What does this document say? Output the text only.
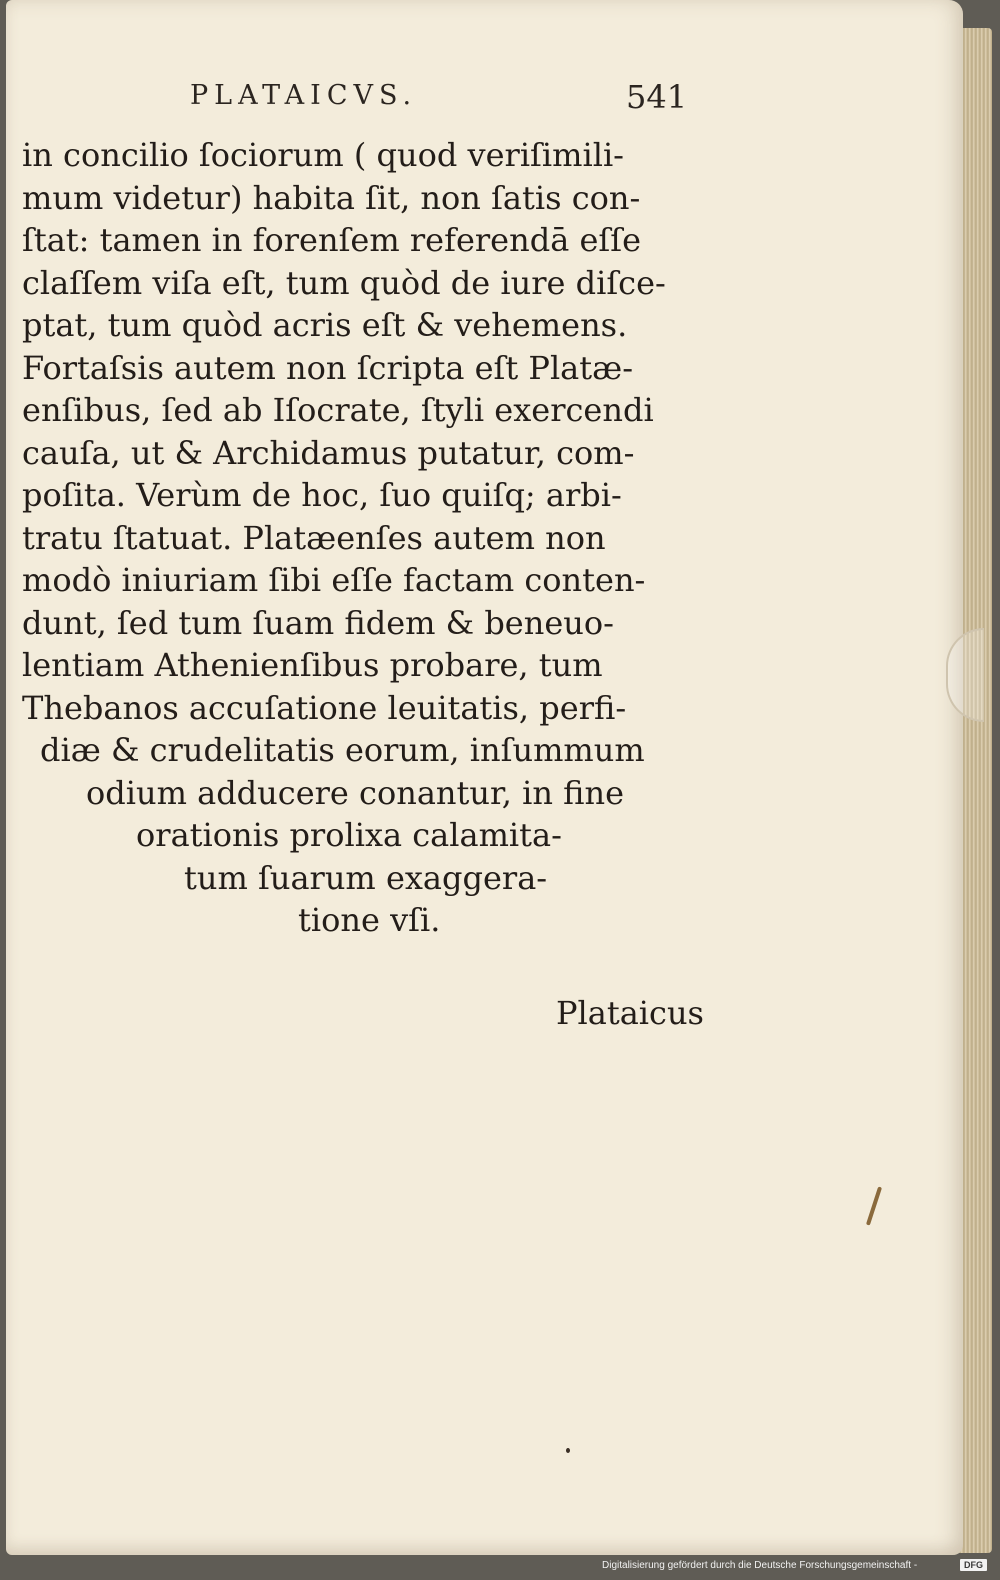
PLATAICVS.	541
in concilio ſociorum ( quod veriſimili-
mum videtur) habita ſit, non ſatis con-
ſtat: tamen in forenſem referendā eſſe
claſſem viſa eſt, tum quòd de iure diſce-
ptat, tum quòd acris eſt & vehemens.
Fortaſsis autem non ſcripta eſt Platæ-
enſibus, ſed ab Iſocrate, ſtyli exercendi
cauſa, ut & Archidamus putatur, com-
poſita. Verùm de hoc, ſuo quiſq; arbi-
tratu ſtatuat. Platæenſes autem non
modò iniuriam ſibi eſſe factam conten-
dunt, ſed tum ſuam fidem & beneuo-
lentiam Athenienſibus probare, tum
Thebanos accuſatione leuitatis, perfi-
diæ & crudelitatis eorum, inſummum
odium adducere conantur, in fine
orationis prolixa calamita-
tum ſuarum exaggera-
tione vſi.
Plataicus
Digitalisierung gefördert durch die Deutsche Forschungsgemeinschaft -	DFG
